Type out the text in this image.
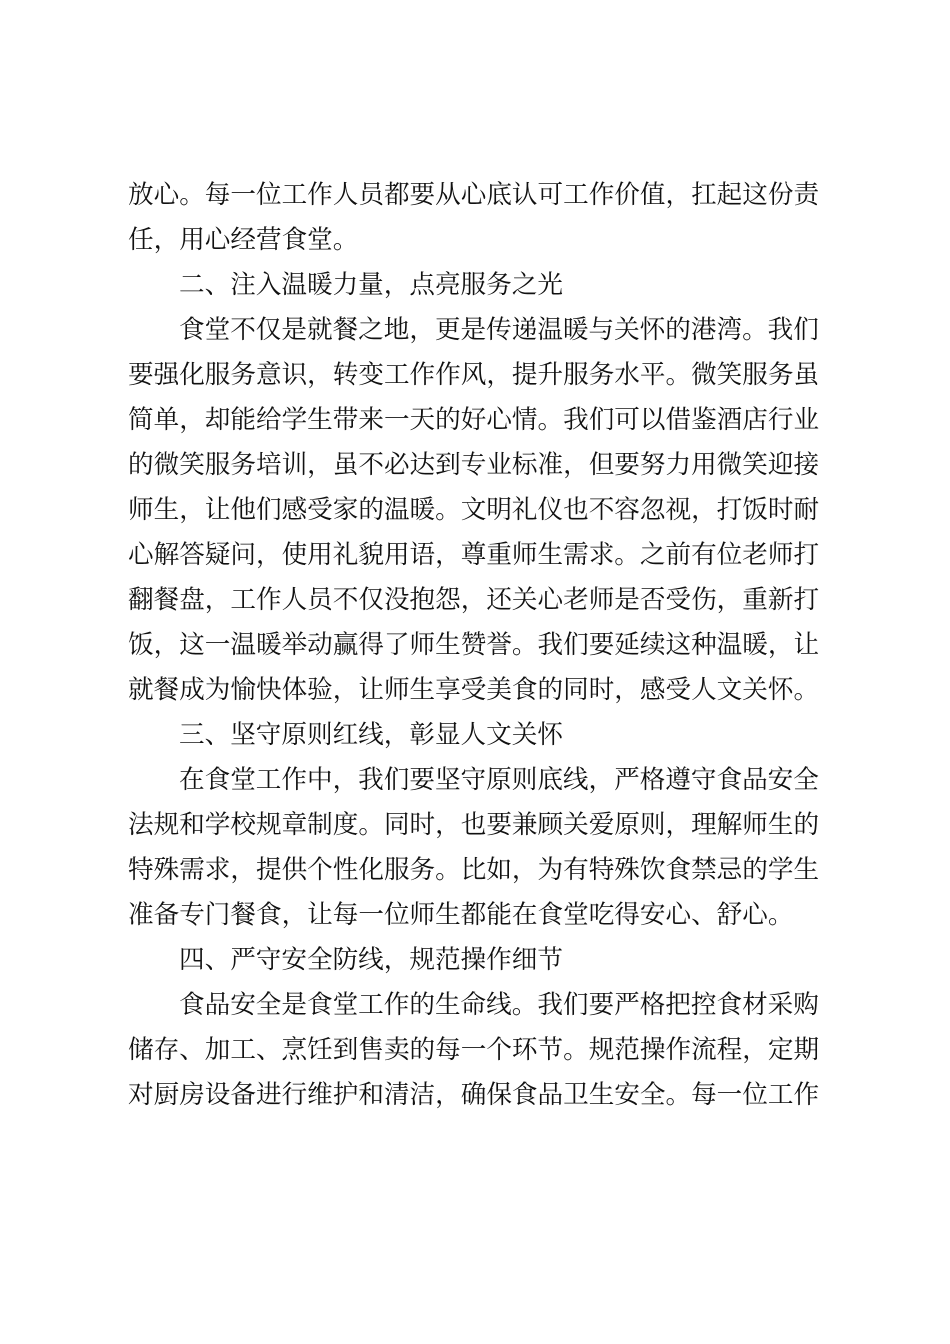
放心。每一位工作人员都要从心底认可工作价值，扛起这份责
任，用心经营食堂。
二、注入温暖力量，点亮服务之光
食堂不仅是就餐之地，更是传递温暖与关怀的港湾。我们
要强化服务意识，转变工作作风，提升服务水平。微笑服务虽
简单，却能给学生带来一天的好心情。我们可以借鉴酒店行业
的微笑服务培训，虽不必达到专业标准，但要努力用微笑迎接
师生，让他们感受家的温暖。文明礼仪也不容忽视，打饭时耐
心解答疑问，使用礼貌用语，尊重师生需求。之前有位老师打
翻餐盘，工作人员不仅没抱怨，还关心老师是否受伤，重新打
饭，这一温暖举动赢得了师生赞誉。我们要延续这种温暖，让
就餐成为愉快体验，让师生享受美食的同时，感受人文关怀。
三、坚守原则红线，彰显人文关怀
在食堂工作中，我们要坚守原则底线，严格遵守食品安全
法规和学校规章制度。同时，也要兼顾关爱原则，理解师生的
特殊需求，提供个性化服务。比如，为有特殊饮食禁忌的学生
准备专门餐食，让每一位师生都能在食堂吃得安心、舒心。
四、严守安全防线，规范操作细节
食品安全是食堂工作的生命线。我们要严格把控食材采购
储存、加工、烹饪到售卖的每一个环节。规范操作流程，定期
对厨房设备进行维护和清洁，确保食品卫生安全。每一位工作
